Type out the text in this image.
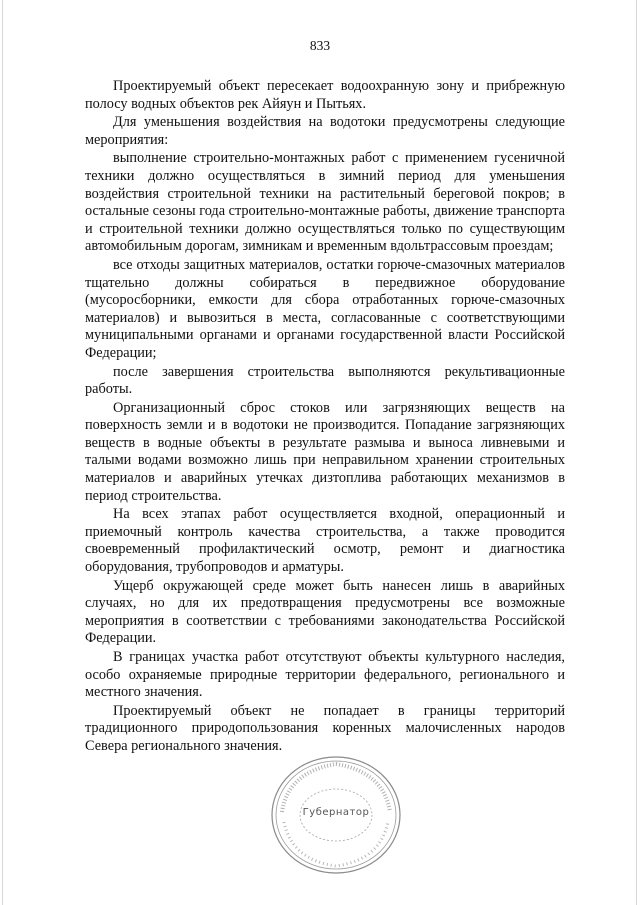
833

Проектируемый объект пересекает водоохранную зону и прибрежную полосу водных объектов рек Айяун и Пытьях.

Для уменьшения воздействия на водотоки предусмотрены следующие мероприятия:

выполнение строительно-монтажных работ с применением гусеничной техники должно осуществляться в зимний период для уменьшения воздействия строительной техники на растительный береговой покров; в остальные сезоны года строительно-монтажные работы, движение транспорта и строительной техники должно осуществляться только по существующим автомобильным дорогам, зимникам и временным вдольтрассовым проездам;

все отходы защитных материалов, остатки горюче-смазочных материалов тщательно должны собираться в передвижное оборудование (мусоросборники, емкости для сбора отработанных горюче-смазочных материалов) и вывозиться в места, согласованные с соответствующими муниципальными органами и органами государственной власти Российской Федерации;

после завершения строительства выполняются рекультивационные работы.

Организационный сброс стоков или загрязняющих веществ на поверхность земли и в водотоки не производится. Попадание загрязняющих веществ в водные объекты в результате размыва и выноса ливневыми и талыми водами возможно лишь при неправильном хранении строительных материалов и аварийных утечках дизтоплива работающих механизмов в период строительства.

На всех этапах работ осуществляется входной, операционный и приемочный контроль качества строительства, а также проводится своевременный профилактический осмотр, ремонт и диагностика оборудования, трубопроводов и арматуры.

Ущерб окружающей среде может быть нанесен лишь в аварийных случаях, но для их предотвращения предусмотрены все возможные мероприятия в соответствии с требованиями законодательства Российской Федерации.

В границах участка работ отсутствуют объекты культурного наследия, особо охраняемые природные территории федерального, регионального и местного значения.

Проектируемый объект не попадает в границы территорий традиционного природопользования коренных малочисленных народов Севера регионального значения.

Губернатор
